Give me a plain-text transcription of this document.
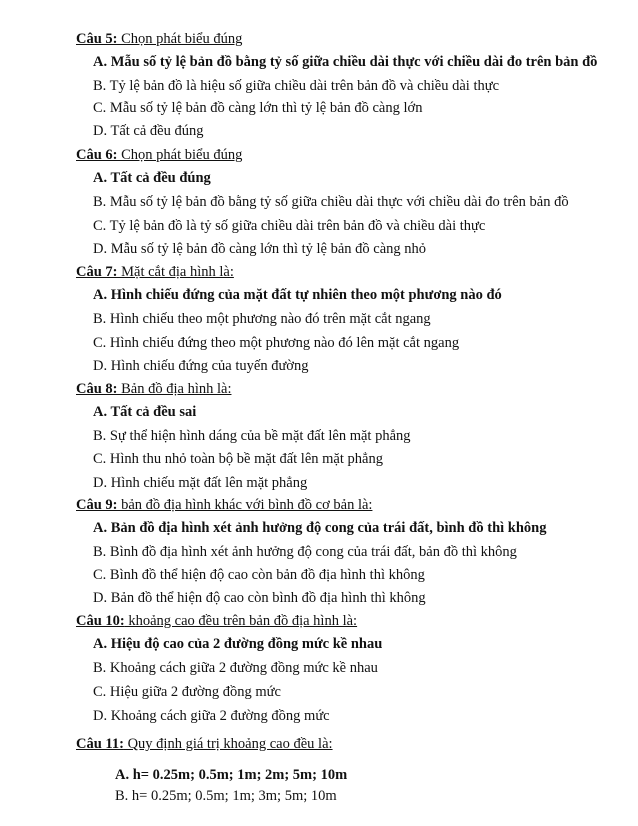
Câu 5: Chọn phát biểu đúng
A. Mẫu số tỷ lệ bản đồ bằng tỷ số giữa chiều dài thực với chiều dài đo trên bản đồ
B. Tỷ lệ bản đồ là hiệu số giữa chiều dài trên bản đồ và chiều dài thực
C. Mẫu số tỷ lệ bản đồ càng lớn thì tỷ lệ bản đồ càng lớn
D. Tất cả đều đúng
Câu 6: Chọn phát biểu đúng
A. Tất cả đều đúng
B. Mẫu số tỷ lệ bản đồ bằng tỷ số giữa chiều dài thực với chiều dài đo trên bản đồ
C. Tỷ lệ bản đồ là tỷ số giữa chiều dài trên bản đồ và chiều dài thực
D. Mẫu số tỷ lệ bản đồ càng lớn thì tỷ lệ bản đồ càng nhỏ
Câu 7: Mặt cắt địa hình là:
A. Hình chiếu đứng của mặt đất tự nhiên theo một phương nào đó
B. Hình chiếu theo một phương nào đó trên mặt cắt ngang
C. Hình chiếu đứng theo một phương nào đó lên mặt cắt ngang
D. Hình chiếu đứng của tuyến đường
Câu 8: Bản đồ địa hình là:
A. Tất cả đều sai
B. Sự thể hiện hình dáng của bề mặt đất lên mặt phẳng
C. Hình thu nhỏ toàn bộ bề mặt đất lên mặt phẳng
D. Hình chiếu mặt đất lên mặt phẳng
Câu 9: bản đồ địa hình khác với bình đồ cơ bản là:
A. Bản đồ địa hình xét ảnh hưởng độ cong của trái đất, bình đồ thì không
B. Bình đồ địa hình xét ảnh hưởng độ cong của trái đất, bản đồ thì không
C. Bình đồ thể hiện độ cao còn bản đồ địa hình thì không
D. Bản đồ thể hiện độ cao còn bình đồ địa hình thì không
Câu 10: khoảng cao đều trên bản đồ địa hình là:
A. Hiệu độ cao của 2 đường đồng mức kề nhau
B. Khoảng cách giữa 2 đường đồng mức kề nhau
C. Hiệu giữa 2 đường đồng mức
D. Khoảng cách giữa 2 đường đồng mức
Câu 11: Quy định giá trị khoảng cao đều là:
A. h= 0.25m; 0.5m; 1m; 2m; 5m; 10m
B. h= 0.25m; 0.5m; 1m; 3m; 5m; 10m
